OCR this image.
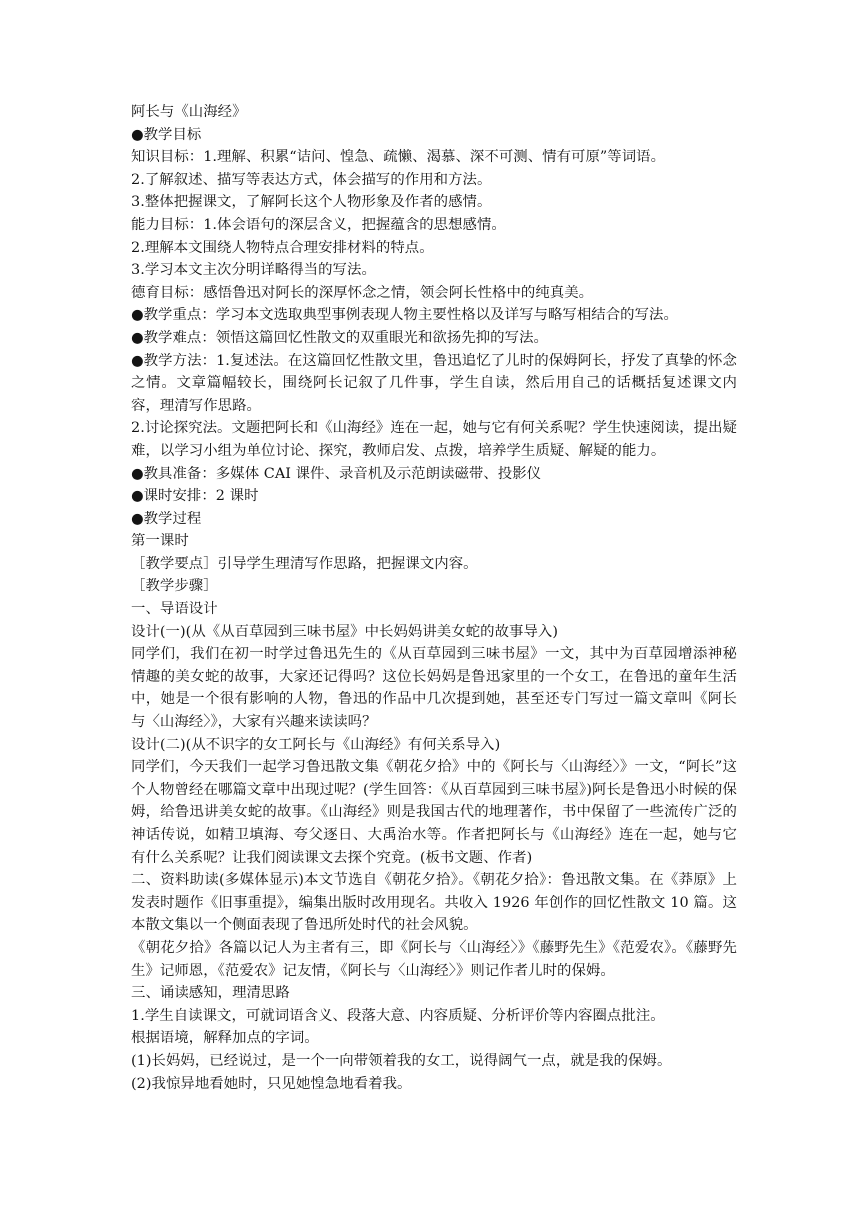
阿长与《山海经》

●教学目标

知识目标：1.理解、积累“诘问、惶急、疏懒、渴慕、深不可测、情有可原”等词语。

2.了解叙述、描写等表达方式，体会描写的作用和方法。

3.整体把握课文，了解阿长这个人物形象及作者的感情。

能力目标：1.体会语句的深层含义，把握蕴含的思想感情。

2.理解本文围绕人物特点合理安排材料的特点。

3.学习本文主次分明详略得当的写法。

德育目标：感悟鲁迅对阿长的深厚怀念之情，领会阿长性格中的纯真美。

●教学重点：学习本文选取典型事例表现人物主要性格以及详写与略写相结合的写法。

●教学难点：领悟这篇回忆性散文的双重眼光和欲扬先抑的写法。

●教学方法：1.复述法。在这篇回忆性散文里，鲁迅追忆了儿时的保姆阿长，抒发了真挚的怀念之情。文章篇幅较长，围绕阿长记叙了几件事，学生自读，然后用自己的话概括复述课文内容，理清写作思路。

2.讨论探究法。文题把阿长和《山海经》连在一起，她与它有何关系呢？学生快速阅读，提出疑难，以学习小组为单位讨论、探究，教师启发、点拨，培养学生质疑、解疑的能力。

●教具准备：多媒体 CAI 课件、录音机及示范朗读磁带、投影仪

●课时安排：2 课时

●教学过程

第一课时

［教学要点］引导学生理清写作思路，把握课文内容。

［教学步骤］

一、导语设计

设计(一)(从《从百草园到三味书屋》中长妈妈讲美女蛇的故事导入)

同学们，我们在初一时学过鲁迅先生的《从百草园到三味书屋》一文，其中为百草园增添神秘情趣的美女蛇的故事，大家还记得吗？这位长妈妈是鲁迅家里的一个女工，在鲁迅的童年生活中，她是一个很有影响的人物，鲁迅的作品中几次提到她，甚至还专门写过一篇文章叫《阿长与〈山海经〉》，大家有兴趣来读读吗？

设计(二)(从不识字的女工阿长与《山海经》有何关系导入)

同学们，今天我们一起学习鲁迅散文集《朝花夕拾》中的《阿长与〈山海经〉》一文，“阿长”这个人物曾经在哪篇文章中出现过呢？(学生回答：《从百草园到三味书屋》)阿长是鲁迅小时候的保姆，给鲁迅讲美女蛇的故事。《山海经》则是我国古代的地理著作，书中保留了一些流传广泛的神话传说，如精卫填海、夸父逐日、大禹治水等。作者把阿长与《山海经》连在一起，她与它有什么关系呢？让我们阅读课文去探个究竟。(板书文题、作者)

二、资料助读(多媒体显示)本文节选自《朝花夕拾》。《朝花夕拾》：鲁迅散文集。在《莽原》上发表时题作《旧事重提》，编集出版时改用现名。共收入 1926 年创作的回忆性散文 10 篇。这本散文集以一个侧面表现了鲁迅所处时代的社会风貌。

《朝花夕拾》各篇以记人为主者有三，即《阿长与〈山海经〉》《藤野先生》《范爱农》。《藤野先生》记师恩，《范爱农》记友情，《阿长与〈山海经〉》则记作者儿时的保姆。

三、诵读感知，理清思路

1.学生自读课文，可就词语含义、段落大意、内容质疑、分析评价等内容圈点批注。

根据语境，解释加点的字词。

(1)长妈妈，已经说过，是一个一向带领着我的女工，说得阔气一点，就是我的保姆。

(2)我惊异地看她时，只见她惶急地看着我。
